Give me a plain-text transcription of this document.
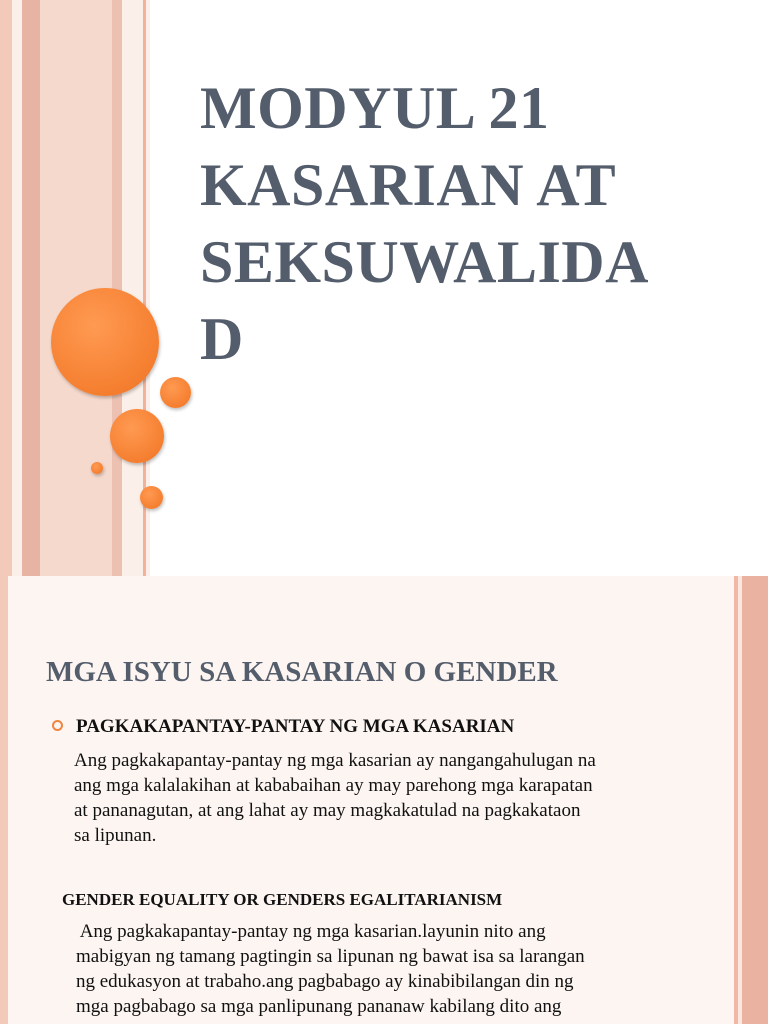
MODYUL 21
KASARIAN AT
SEKSUWALIDA
D
MGA ISYU SA KASARIAN O GENDER
PAGKAKAPANTAY-PANTAY NG MGA KASARIAN
Ang pagkakapantay-pantay ng mga kasarian ay nangangahulugan na
ang mga kalalakihan at kababaihan ay may parehong mga karapatan
at pananagutan, at ang lahat ay may magkakatulad na pagkakataon
sa lipunan.
GENDER EQUALITY OR GENDERS EGALITARIANISM
Ang pagkakapantay-pantay ng mga kasarian.layunin nito ang
mabigyan ng tamang pagtingin sa lipunan ng bawat isa sa larangan
ng edukasyon at trabaho.ang pagbabago ay kinabibilangan din ng
mga pagbabago sa mga panlipunang pananaw kabilang dito ang
